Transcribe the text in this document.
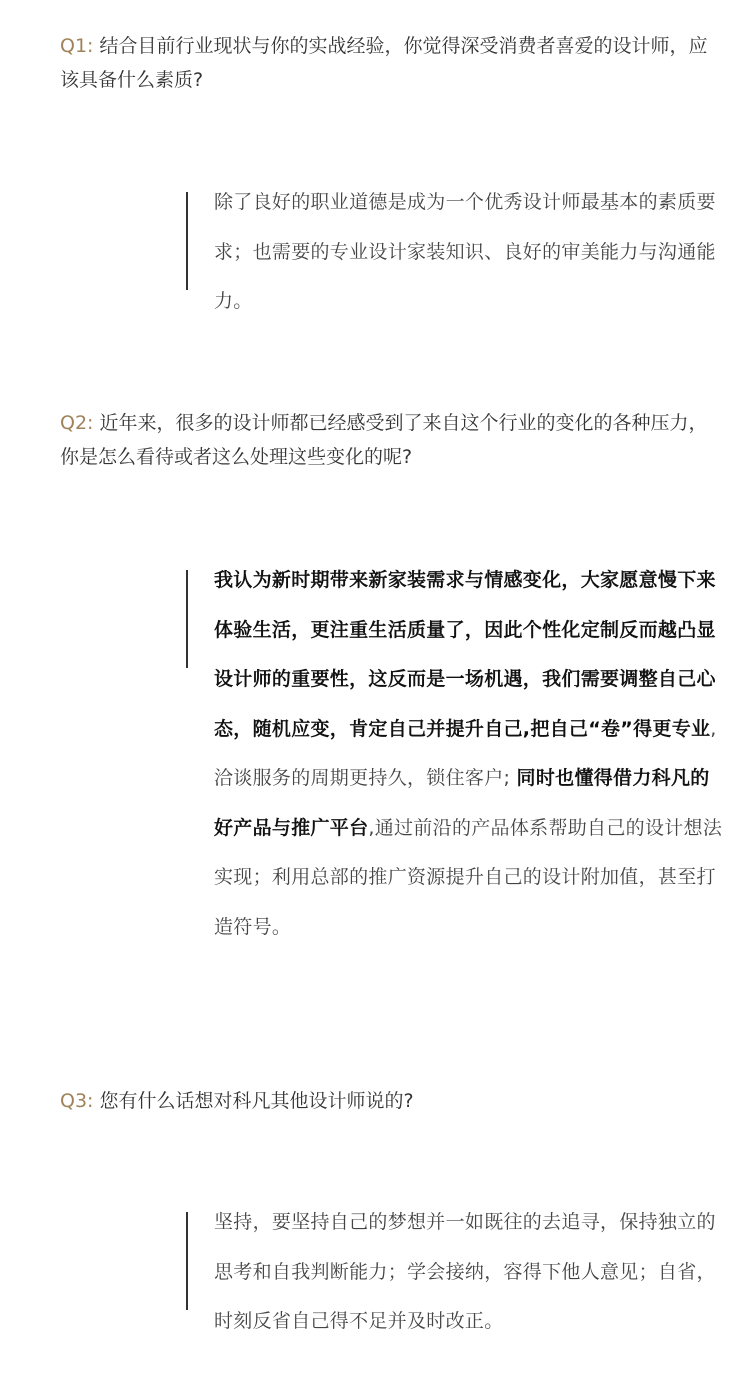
Q1: 结合目前行业现状与你的实战经验，你觉得深受消费者喜爱的设计师，应该具备什么素质?

除了良好的职业道德是成为一个优秀设计师最基本的素质要求；也需要的专业设计家装知识、良好的审美能力与沟通能力。

Q2: 近年来，很多的设计师都已经感受到了来自这个行业的变化的各种压力，你是怎么看待或者这么处理这些变化的呢?

我认为新时期带来新家装需求与情感变化，大家愿意慢下来体验生活，更注重生活质量了，因此个性化定制反而越凸显设计师的重要性，这反而是一场机遇，我们需要调整自己心态，随机应变，肯定自己并提升自己,把自己“卷”得更专业,洽谈服务的周期更持久，锁住客户; 同时也懂得借力科凡的好产品与推广平台,通过前沿的产品体系帮助自己的设计想法实现；利用总部的推广资源提升自己的设计附加值，甚至打造符号。

Q3: 您有什么话想对科凡其他设计师说的?

坚持，要坚持自己的梦想并一如既往的去追寻，保持独立的思考和自我判断能力；学会接纳，容得下他人意见；自省，时刻反省自己得不足并及时改正。
